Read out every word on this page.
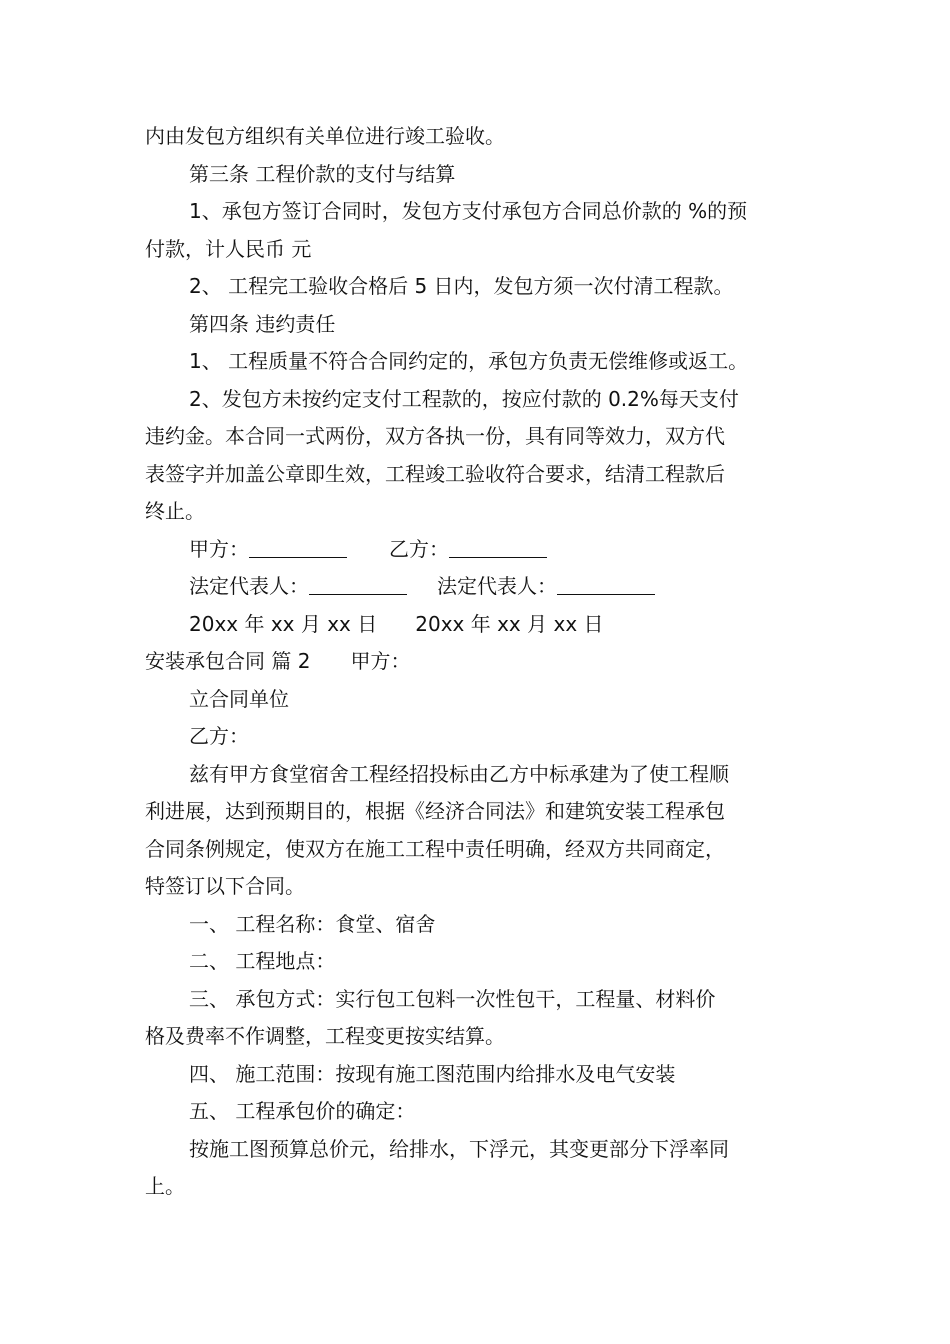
内由发包方组织有关单位进行竣工验收。
第三条 工程价款的支付与结算
1、承包方签订合同时，发包方支付承包方合同总价款的 %的预
付款，计人民币 元
2、 工程完工验收合格后 5 日内，发包方须一次付清工程款。
第四条 违约责任
1、 工程质量不符合合同约定的，承包方负责无偿维修或返工。
2、发包方未按约定支付工程款的，按应付款的 0.2%每天支付
违约金。本合同一式两份，双方各执一份，具有同等效力，双方代
表签字并加盖公章即生效，工程竣工验收符合要求，结清工程款后
终止。
甲方：	乙方：
法定代表人：	法定代表人：
20xx 年 xx 月 xx 日 20xx 年 xx 月 xx 日
安装承包合同 篇 2 甲方：
立合同单位
乙方：
兹有甲方食堂宿舍工程经招投标由乙方中标承建为了使工程顺
利进展，达到预期目的，根据《经济合同法》和建筑安装工程承包
合同条例规定，使双方在施工工程中责任明确，经双方共同商定，
特签订以下合同。
一、 工程名称：食堂、宿舍
二、 工程地点：
三、 承包方式：实行包工包料一次性包干，工程量、材料价
格及费率不作调整，工程变更按实结算。
四、 施工范围：按现有施工图范围内给排水及电气安装
五、 工程承包价的确定：
按施工图预算总价元，给排水，下浮元，其变更部分下浮率同
上。
